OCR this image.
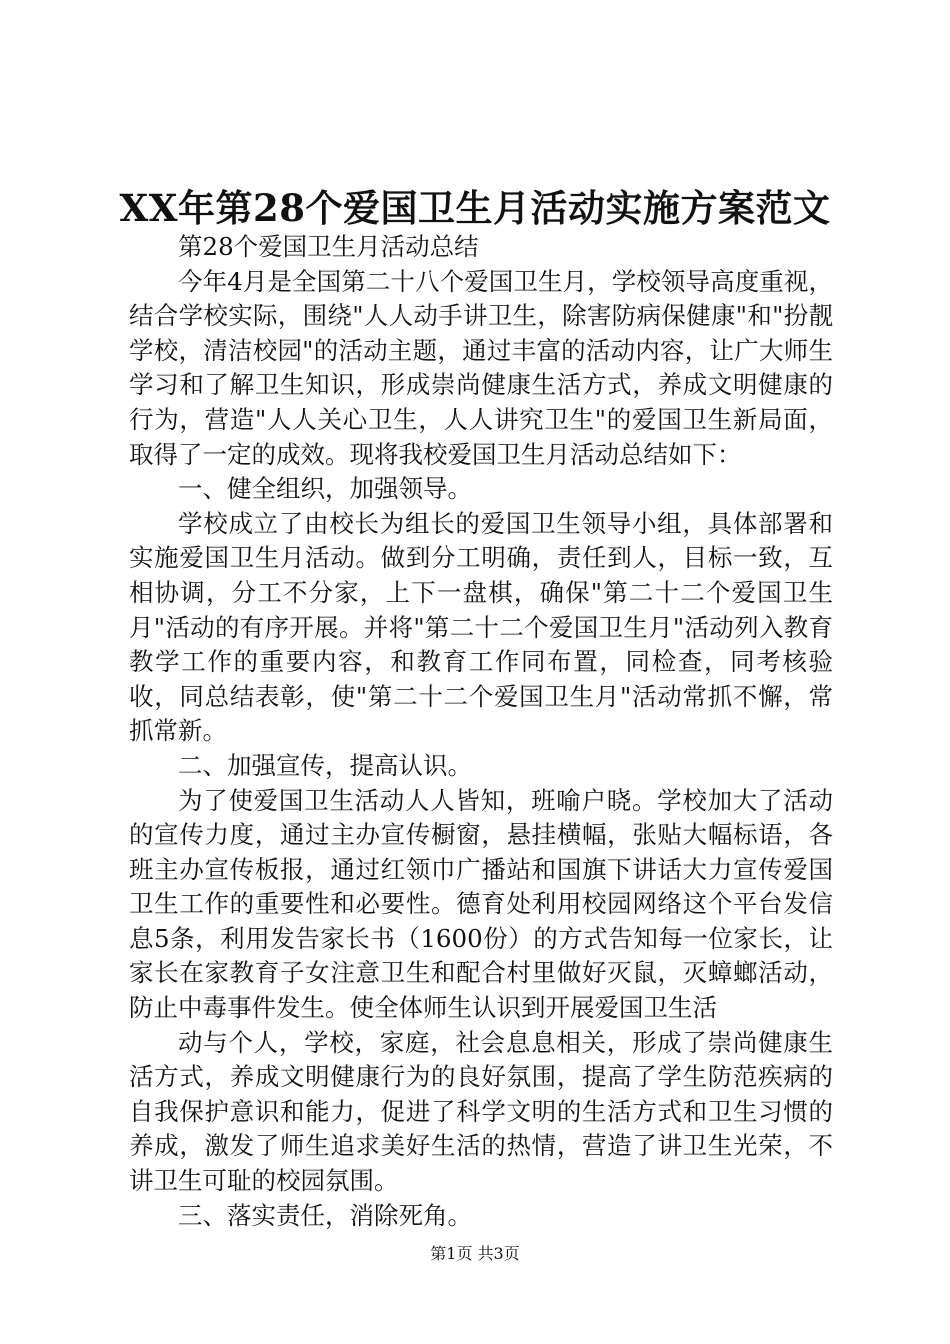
XX年第28个爱国卫生月活动实施方案范文

第28个爱国卫生月活动总结

今年4月是全国第二十八个爱国卫生月，学校领导高度重视，结合学校实际，围绕"人人动手讲卫生，除害防病保健康"和"扮靓学校，清洁校园"的活动主题，通过丰富的活动内容，让广大师生学习和了解卫生知识，形成崇尚健康生活方式，养成文明健康的行为，营造"人人关心卫生，人人讲究卫生"的爱国卫生新局面，取得了一定的成效。现将我校爱国卫生月活动总结如下：

一、健全组织，加强领导。

学校成立了由校长为组长的爱国卫生领导小组，具体部署和实施爱国卫生月活动。做到分工明确，责任到人，目标一致，互相协调，分工不分家，上下一盘棋，确保"第二十二个爱国卫生月"活动的有序开展。并将"第二十二个爱国卫生月"活动列入教育教学工作的重要内容，和教育工作同布置，同检查，同考核验收，同总结表彰，使"第二十二个爱国卫生月"活动常抓不懈，常抓常新。

二、加强宣传，提高认识。

为了使爱国卫生活动人人皆知，班喻户晓。学校加大了活动的宣传力度，通过主办宣传橱窗，悬挂横幅，张贴大幅标语，各班主办宣传板报，通过红领巾广播站和国旗下讲话大力宣传爱国卫生工作的重要性和必要性。德育处利用校园网络这个平台发信息5条，利用发告家长书（1600份）的方式告知每一位家长，让家长在家教育子女注意卫生和配合村里做好灭鼠，灭蟑螂活动，防止中毒事件发生。使全体师生认识到开展爱国卫生活

动与个人，学校，家庭，社会息息相关，形成了崇尚健康生活方式，养成文明健康行为的良好氛围，提高了学生防范疾病的自我保护意识和能力，促进了科学文明的生活方式和卫生习惯的养成，激发了师生追求美好生活的热情，营造了讲卫生光荣，不讲卫生可耻的校园氛围。

三、落实责任，消除死角。

第1页 共3页
